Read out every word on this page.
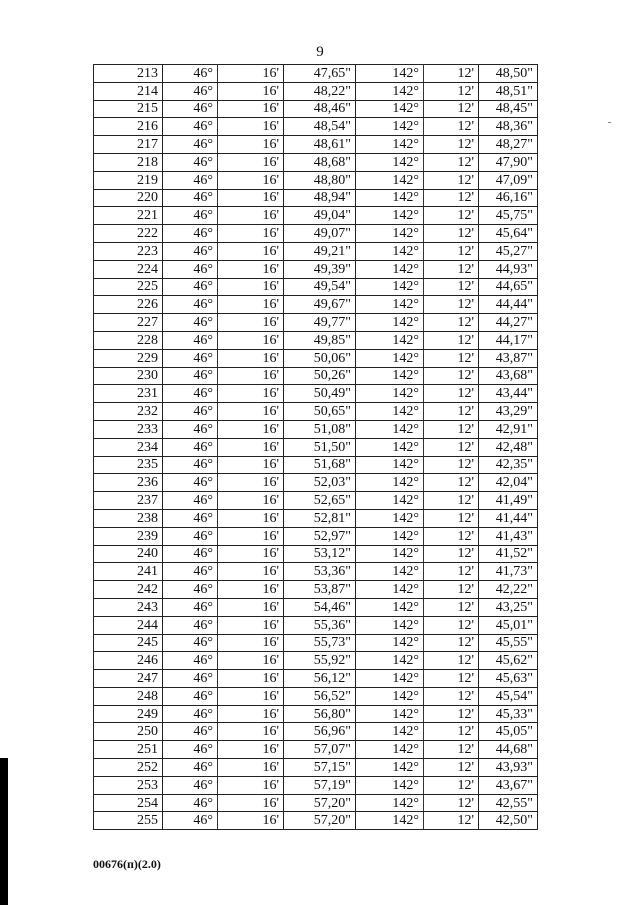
9
213	46°	16'	47,65"	142°	12'	48,50"
214	46°	16'	48,22"	142°	12'	48,51"
215	46°	16'	48,46"	142°	12'	48,45"
216	46°	16'	48,54"	142°	12'	48,36"
217	46°	16'	48,61"	142°	12'	48,27"
218	46°	16'	48,68"	142°	12'	47,90"
219	46°	16'	48,80"	142°	12'	47,09"
220	46°	16'	48,94"	142°	12'	46,16"
221	46°	16'	49,04"	142°	12'	45,75"
222	46°	16'	49,07"	142°	12'	45,64"
223	46°	16'	49,21"	142°	12'	45,27"
224	46°	16'	49,39"	142°	12'	44,93"
225	46°	16'	49,54"	142°	12'	44,65"
226	46°	16'	49,67"	142°	12'	44,44"
227	46°	16'	49,77"	142°	12'	44,27"
228	46°	16'	49,85"	142°	12'	44,17"
229	46°	16'	50,06"	142°	12'	43,87"
230	46°	16'	50,26"	142°	12'	43,68"
231	46°	16'	50,49"	142°	12'	43,44"
232	46°	16'	50,65"	142°	12'	43,29"
233	46°	16'	51,08"	142°	12'	42,91"
234	46°	16'	51,50"	142°	12'	42,48"
235	46°	16'	51,68"	142°	12'	42,35"
236	46°	16'	52,03"	142°	12'	42,04"
237	46°	16'	52,65"	142°	12'	41,49"
238	46°	16'	52,81"	142°	12'	41,44"
239	46°	16'	52,97"	142°	12'	41,43"
240	46°	16'	53,12"	142°	12'	41,52"
241	46°	16'	53,36"	142°	12'	41,73"
242	46°	16'	53,87"	142°	12'	42,22"
243	46°	16'	54,46"	142°	12'	43,25"
244	46°	16'	55,36"	142°	12'	45,01"
245	46°	16'	55,73"	142°	12'	45,55"
246	46°	16'	55,92"	142°	12'	45,62"
247	46°	16'	56,12"	142°	12'	45,63"
248	46°	16'	56,52"	142°	12'	45,54"
249	46°	16'	56,80"	142°	12'	45,33"
250	46°	16'	56,96"	142°	12'	45,05"
251	46°	16'	57,07"	142°	12'	44,68"
252	46°	16'	57,15"	142°	12'	43,93"
253	46°	16'	57,19"	142°	12'	43,67"
254	46°	16'	57,20"	142°	12'	42,55"
255	46°	16'	57,20"	142°	12'	42,50"
00676(п)(2.0)
